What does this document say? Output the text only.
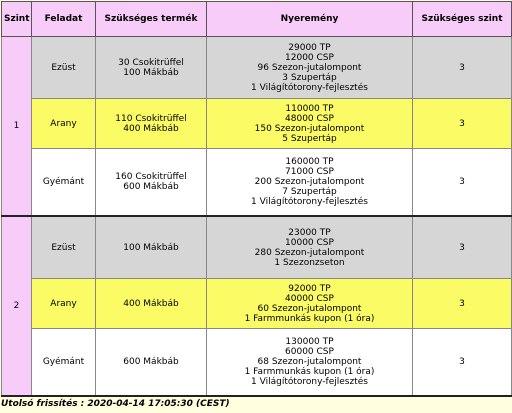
Szint	Feladat	Szükséges termék	Nyeremény	Szükséges szint
1	Ezüst	30 Csokitrüffel
100 Mákbáb	29000 TP
12000 CSP
96 Szezon-jutalompont
3 Szupertáp
1 Világítótorony-fejlesztés	3
	Arany	110 Csokitrüffel
400 Mákbáb	110000 TP
48000 CSP
150 Szezon-jutalompont
5 Szupertáp	3
	Gyémánt	160 Csokitrüffel
600 Mákbáb	160000 TP
71000 CSP
200 Szezon-jutalompont
7 Szupertáp
1 Világítótorony-fejlesztés	3
2	Ezüst	100 Mákbáb	23000 TP
10000 CSP
280 Szezon-jutalompont
1 Szezonzseton	3
	Arany	400 Mákbáb	92000 TP
40000 CSP
60 Szezon-jutalompont
1 Farmmunkás kupon (1 óra)	3
	Gyémánt	600 Mákbáb	130000 TP
60000 CSP
68 Szezon-jutalompont
1 Farmmunkás kupon (1 óra)
1 Világítótorony-fejlesztés	3
Utolsó frissítés : 2020-04-14 17:05:30 (CEST)
